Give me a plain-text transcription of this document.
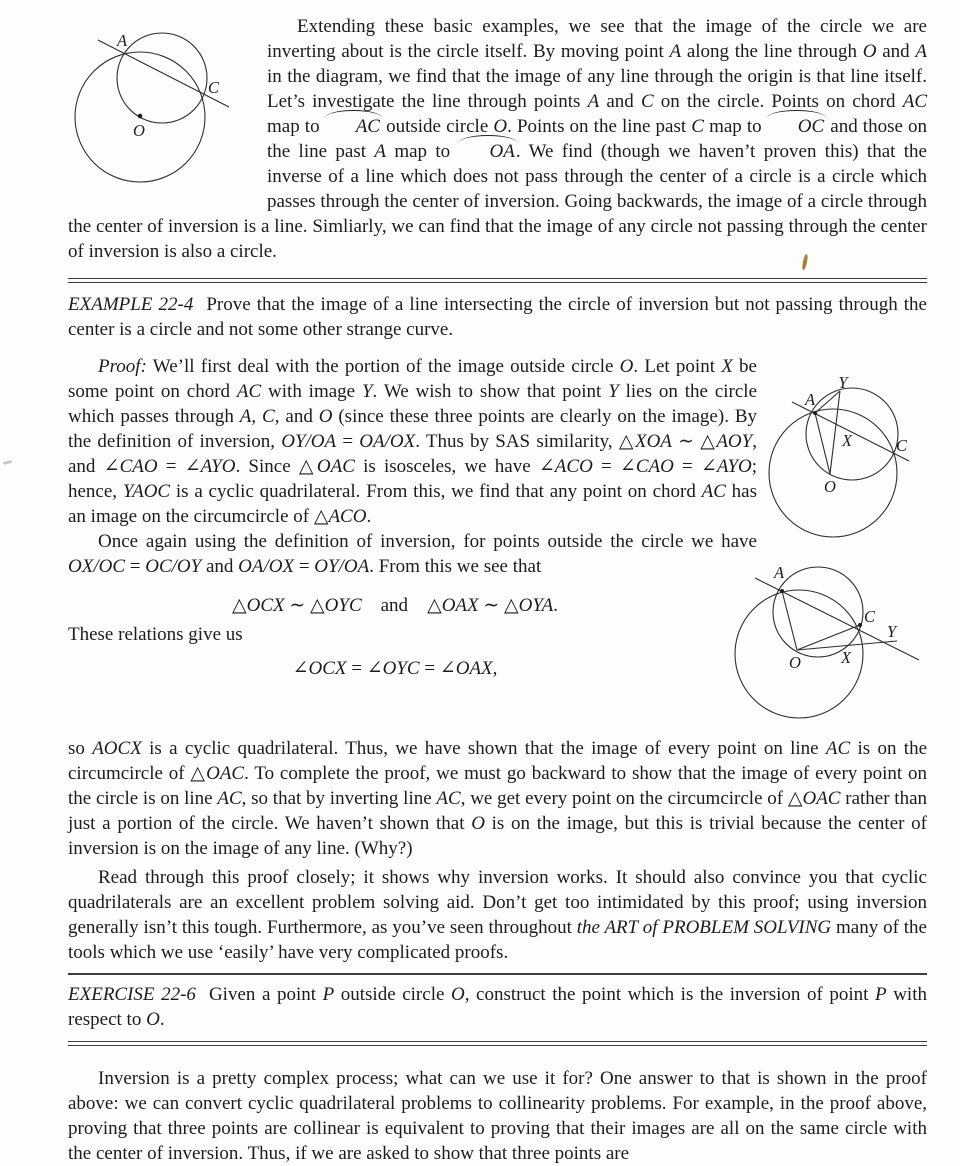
A
C
O
Extending these basic examples, we see that the image of the circle we are inverting about is the circle itself. By moving point A along the line through O and A in the diagram, we find that the image of any line through the origin is that line itself. Let’s investigate the line through points A and C on the circle. Points on chord AC map to AC outside circle O. Points on the line past C map to OC and those on the line past A map to OA. We find (though we haven’t proven this) that the inverse of a line which does not pass through the center of a circle is a circle which passes through the center of inversion. Going backwards, the image of a circle through the center of inversion is a line. Simliarly, we can find that the image of any circle not passing through the center of inversion is also a circle.

EXAMPLE 22-4 Prove that the image of a line intersecting the circle of inversion but not passing through the center is a circle and not some other strange curve.

Y
A
X	C
O
Proof: We’ll first deal with the portion of the image outside circle O. Let point X be some point on chord AC with image Y. We wish to show that point Y lies on the circle which passes through A, C, and O (since these three points are clearly on the image). By the definition of inversion, OY/OA = OA/OX. Thus by SAS similarity, △XOA ∼ △AOY, and ∠CAO = ∠AYO. Since △OAC is isosceles, we have ∠ACO = ∠CAO = ∠AYO; hence, YAOC is a cyclic quadrilateral. From this, we find that any point on chord AC has an image on the circumcircle of △ACO.

A
C
Y
O X
Once again using the definition of inversion, for points outside the circle we have OX/OC = OC/OY and OA/OX = OY/OA. From this we see that

△OCX ∼ △OYC and △OAX ∼ △OYA.

These relations give us

∠OCX = ∠OYC = ∠OAX,

so AOCX is a cyclic quadrilateral. Thus, we have shown that the image of every point on line AC is on the circumcircle of △OAC. To complete the proof, we must go backward to show that the image of every point on the circle is on line AC, so that by inverting line AC, we get every point on the circumcircle of △OAC rather than just a portion of the circle. We haven’t shown that O is on the image, but this is trivial because the center of inversion is on the image of any line. (Why?)

Read through this proof closely; it shows why inversion works. It should also convince you that cyclic quadrilaterals are an excellent problem solving aid. Don’t get too intimidated by this proof; using inversion generally isn’t this tough. Furthermore, as you’ve seen throughout the ART of PROBLEM SOLVING many of the tools which we use ‘easily’ have very complicated proofs.

EXERCISE 22-6 Given a point P outside circle O, construct the point which is the inversion of point P with respect to O.

Inversion is a pretty complex process; what can we use it for? One answer to that is shown in the proof above: we can convert cyclic quadrilateral problems to collinearity problems. For example, in the proof above, proving that three points are collinear is equivalent to proving that their images are all on the same circle with the center of inversion. Thus, if we are asked to show that three points are
